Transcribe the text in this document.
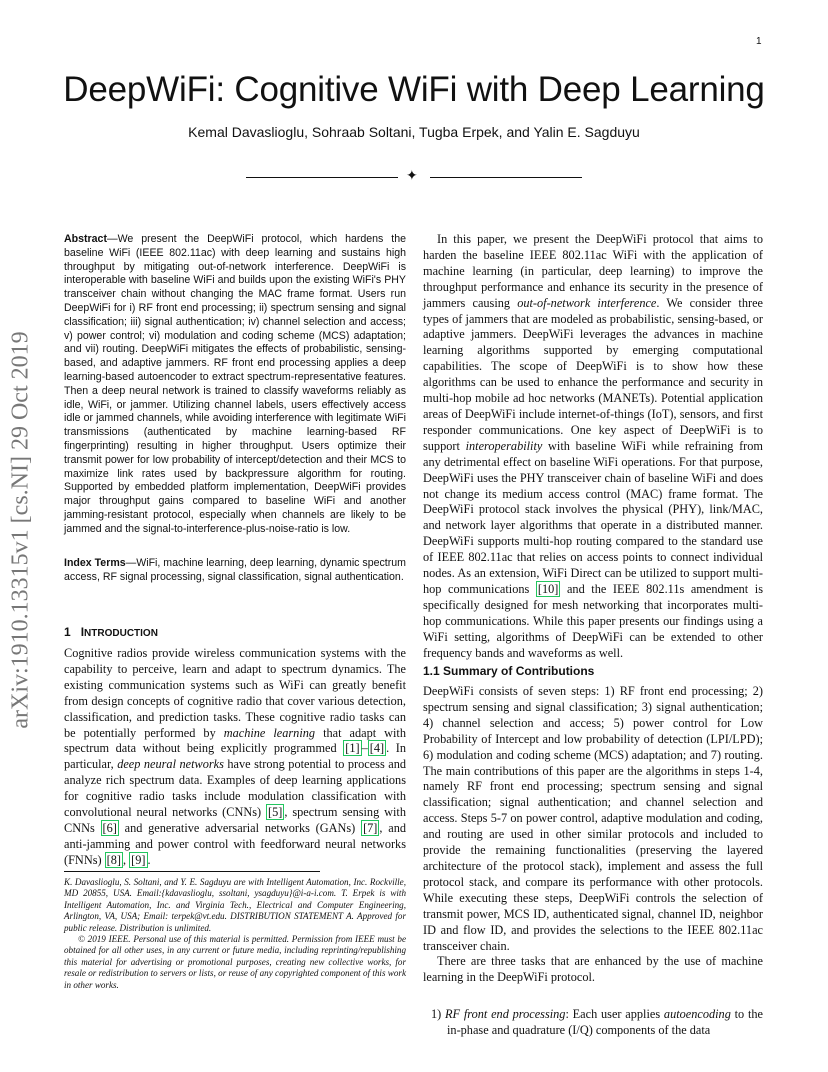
1
DeepWiFi: Cognitive WiFi with Deep Learning
Kemal Davaslioglu, Sohraab Soltani, Tugba Erpek, and Yalin E. Sagduyu
✦
arXiv:1910.13315v1 [cs.NI] 29 Oct 2019
Abstract—We present the DeepWiFi protocol, which hardens the baseline WiFi (IEEE 802.11ac) with deep learning and sustains high throughput by mitigating out-of-network interference. DeepWiFi is interoperable with baseline WiFi and builds upon the existing WiFi's PHY transceiver chain without changing the MAC frame format. Users run DeepWiFi for i) RF front end processing; ii) spectrum sensing and signal classification; iii) signal authentication; iv) channel selection and access; v) power control; vi) modulation and coding scheme (MCS) adaptation; and vii) routing. DeepWiFi mitigates the effects of probabilistic, sensing-based, and adaptive jammers. RF front end processing applies a deep learning-based autoencoder to extract spectrum-representative features. Then a deep neural network is trained to classify waveforms reliably as idle, WiFi, or jammer. Utilizing channel labels, users effectively access idle or jammed channels, while avoiding interference with legitimate WiFi transmissions (authenticated by machine learning-based RF fingerprinting) resulting in higher throughput. Users optimize their transmit power for low probability of intercept/detection and their MCS to maximize link rates used by backpressure algorithm for routing. Supported by embedded platform implementation, DeepWiFi provides major throughput gains compared to baseline WiFi and another jamming-resistant protocol, especially when channels are likely to be jammed and the signal-to-interference-plus-noise-ratio is low.
Index Terms—WiFi, machine learning, deep learning, dynamic spectrum access, RF signal processing, signal classification, signal authentication.
1 INTRODUCTION

Cognitive radios provide wireless communication systems with the capability to perceive, learn and adapt to spectrum dynamics. The existing communication systems such as WiFi can greatly benefit from design concepts of cognitive radio that cover various detection, classification, and prediction tasks. These cognitive radio tasks can be potentially performed by machine learning that adapt with spectrum data without being explicitly programmed [1] – [4] . In particular, deep neural networks have strong potential to process and analyze rich spectrum data. Examples of deep learning applications for cognitive radio tasks include modulation classification with convolutional neural networks (CNNs) [5] , spectrum sensing with CNNs [6] and generative adversarial networks (GANs) [7] , and anti-jamming and power control with feedforward neural networks (FNNs) [8] , [9] .

K. Davaslioglu, S. Soltani, and Y. E. Sagduyu are with Intelligent Automation, Inc. Rockville, MD 20855, USA. Email:{kdavaslioglu, ssoltani, ysagduyu}@i-a-i.com. T. Erpek is with Intelligent Automation, Inc. and Virginia Tech., Electrical and Computer Engineering, Arlington, VA, USA; Email: terpek@vt.edu. DISTRIBUTION STATEMENT A. Approved for public release. Distribution is unlimited.

© 2019 IEEE. Personal use of this material is permitted. Permission from IEEE must be obtained for all other uses, in any current or future media, including reprinting/republishing this material for advertising or promotional purposes, creating new collective works, for resale or redistribution to servers or lists, or reuse of any copyrighted component of this work in other works.

In this paper, we present the DeepWiFi protocol that aims to harden the baseline IEEE 802.11ac WiFi with the application of machine learning (in particular, deep learning) to improve the throughput performance and enhance its security in the presence of jammers causing out-of-network interference. We consider three types of jammers that are modeled as probabilistic, sensing-based, or adaptive jammers. DeepWiFi leverages the advances in machine learning algorithms supported by emerging computational capabilities. The scope of DeepWiFi is to show how these algorithms can be used to enhance the performance and security in multi-hop mobile ad hoc networks (MANETs). Potential application areas of DeepWiFi include internet-of-things (IoT), sensors, and first responder communications. One key aspect of DeepWiFi is to support interoperability with baseline WiFi while refraining from any detrimental effect on baseline WiFi operations. For that purpose, DeepWiFi uses the PHY transceiver chain of baseline WiFi and does not change its medium access control (MAC) frame format. The DeepWiFi protocol stack involves the physical (PHY), link/MAC, and network layer algorithms that operate in a distributed manner. DeepWiFi supports multi-hop routing compared to the standard use of IEEE 802.11ac that relies on access points to connect individual nodes. As an extension, WiFi Direct can be utilized to support multi-hop communications [10] and the IEEE 802.11s amendment is specifically designed for mesh networking that incorporates multi-hop communications. While this paper presents our findings using a WiFi setting, algorithms of DeepWiFi can be extended to other frequency bands and waveforms as well.

1.1 Summary of Contributions

DeepWiFi consists of seven steps: 1) RF front end processing; 2) spectrum sensing and signal classification; 3) signal authentication; 4) channel selection and access; 5) power control for Low Probability of Intercept and low probability of detection (LPI/LPD); 6) modulation and coding scheme (MCS) adaptation; and 7) routing. The main contributions of this paper are the algorithms in steps 1-4, namely RF front end processing; spectrum sensing and signal classification; signal authentication; and channel selection and access. Steps 5-7 on power control, adaptive modulation and coding, and routing are used in other similar protocols and included to provide the remaining functionalities (preserving the layered architecture of the protocol stack), implement and assess the full protocol stack, and compare its performance with other protocols. While executing these steps, DeepWiFi controls the selection of transmit power, MCS ID, authenticated signal, channel ID, neighbor ID and flow ID, and provides the selections to the IEEE 802.11ac transceiver chain.

There are three tasks that are enhanced by the use of machine learning in the DeepWiFi protocol.

1) RF front end processing: Each user applies autoencoding to the in-phase and quadrature (I/Q) components of the data
